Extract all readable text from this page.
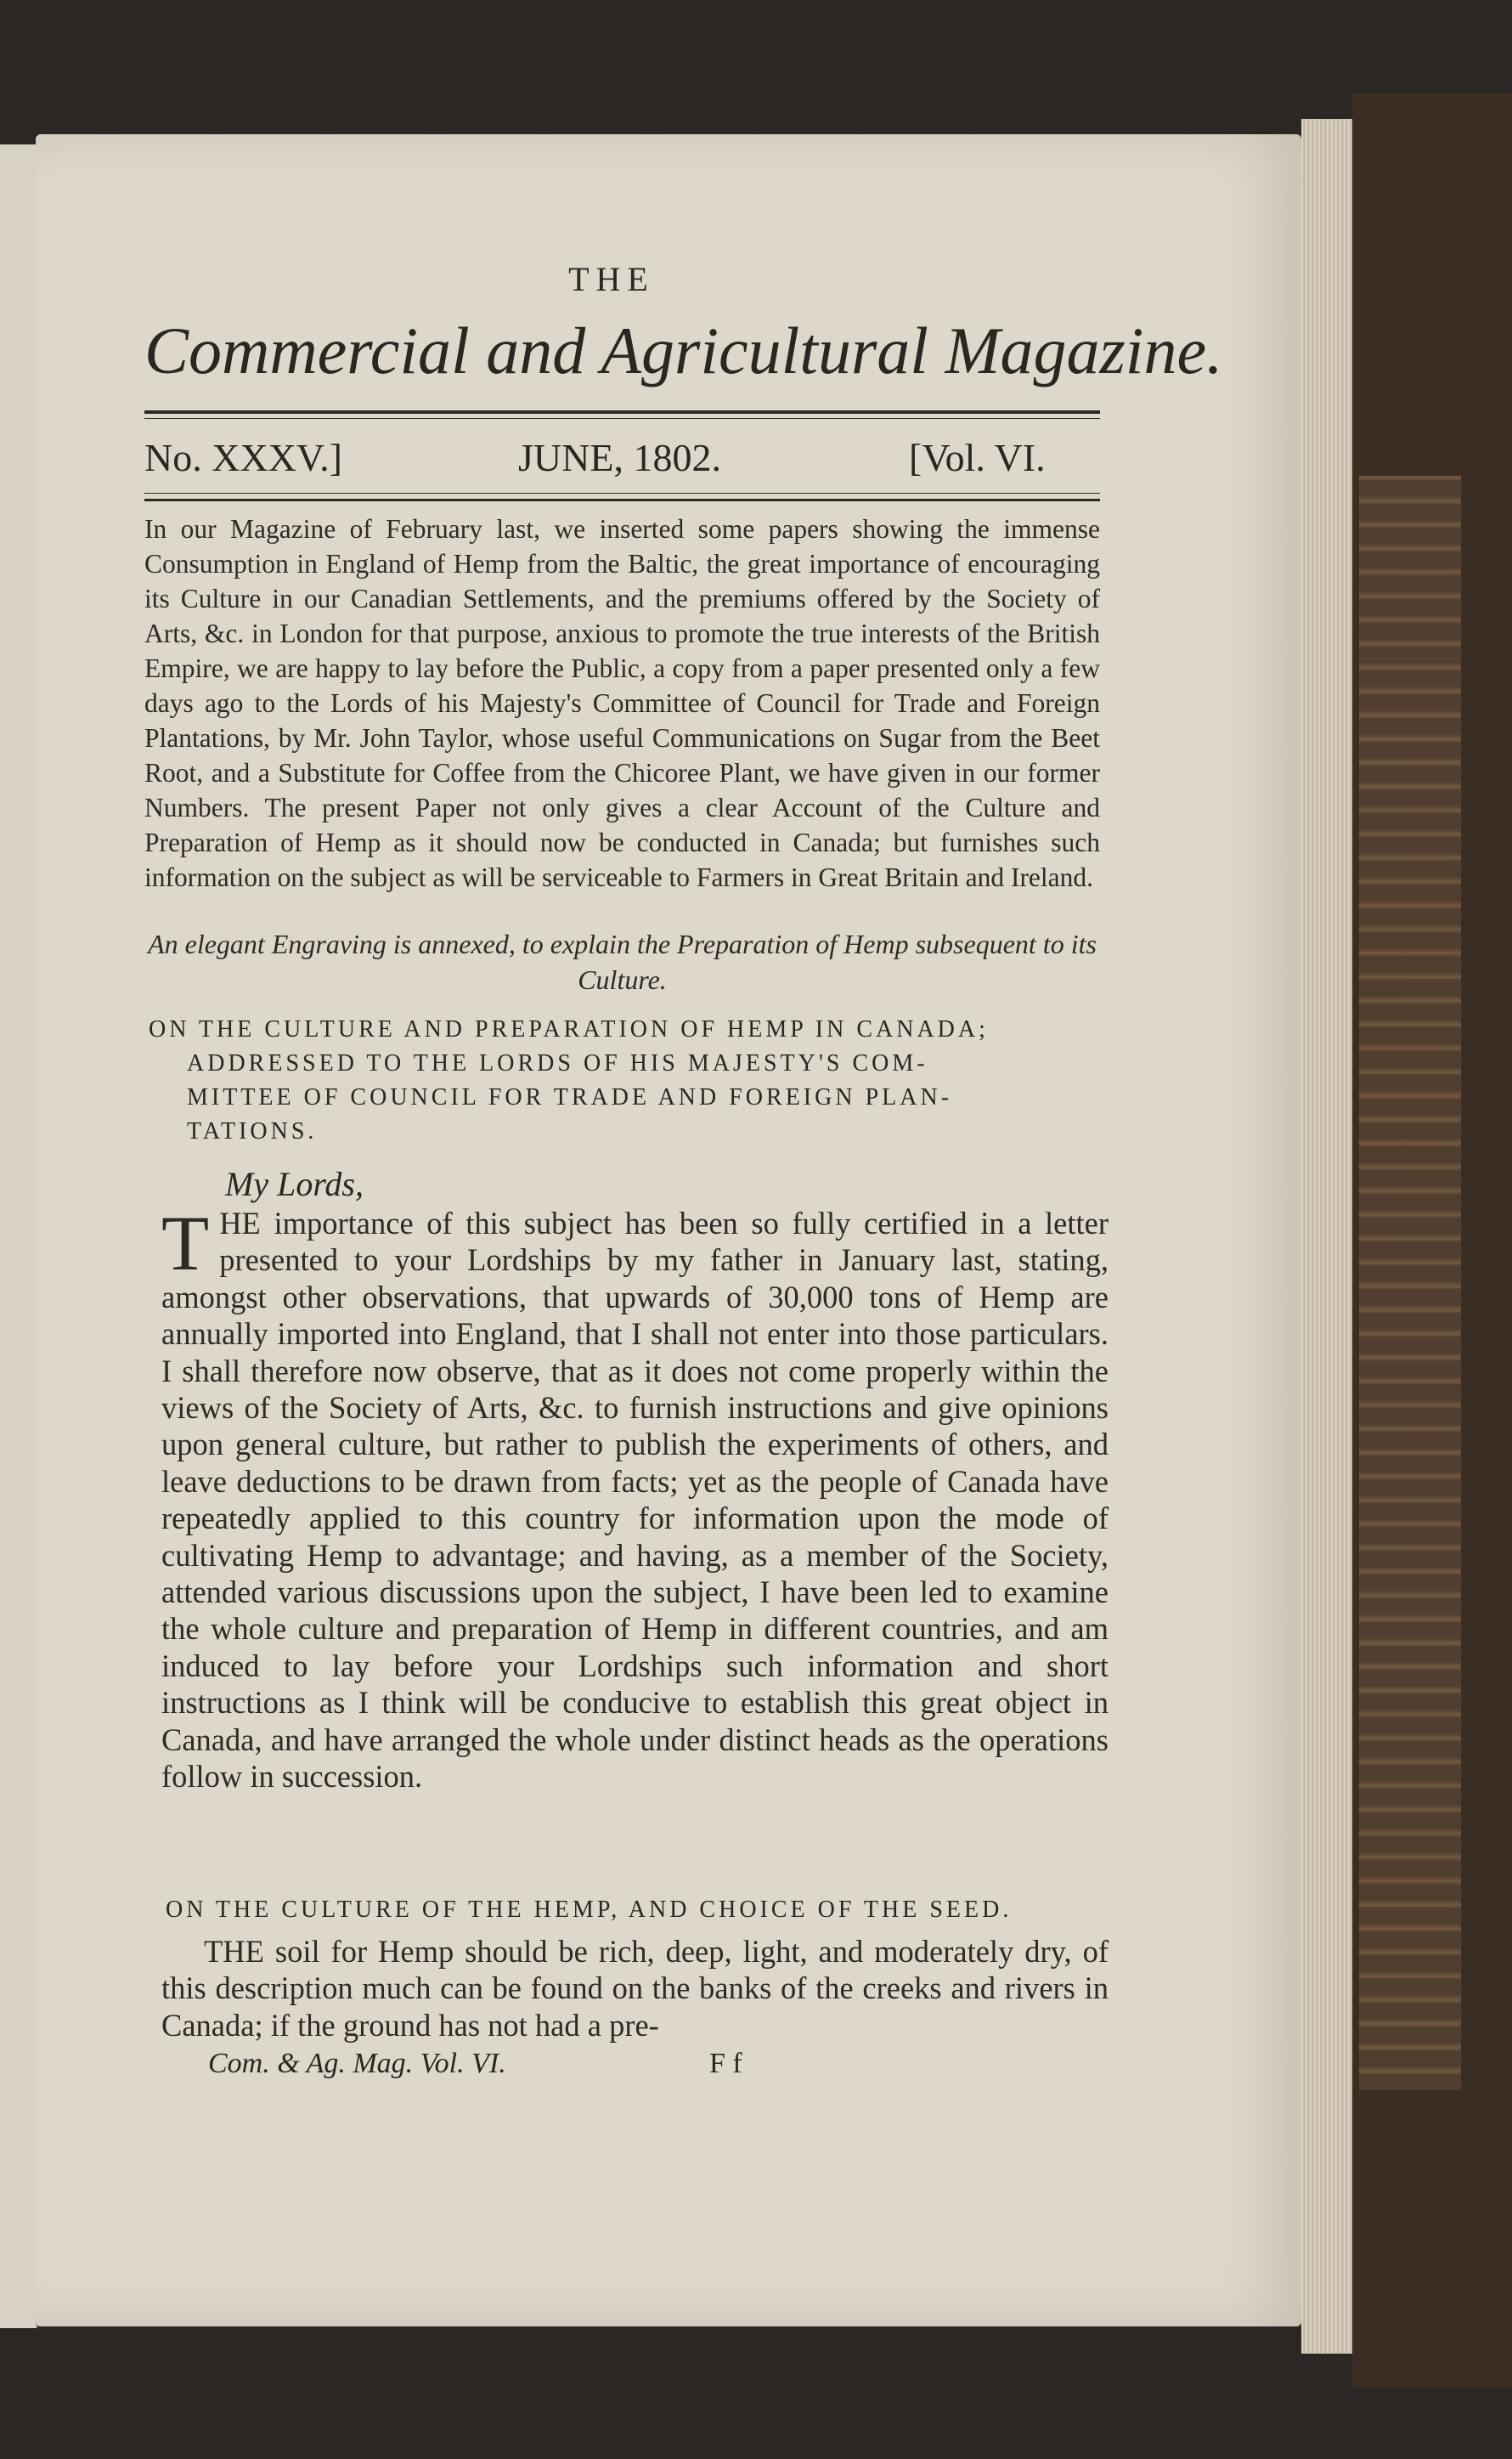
THE
Commercial and Agricultural Magazine.
No. XXXV.]	JUNE, 1802.	[Vol. VI.

In our Magazine of February last, we inserted some papers showing the immense Consumption in England of Hemp from the Baltic, the great importance of encouraging its Culture in our Canadian Settlements, and the premiums offered by the Society of Arts, &c. in London for that purpose, anxious to promote the true interests of the British Empire, we are happy to lay before the Public, a copy from a paper presented only a few days ago to the Lords of his Majesty's Committee of Council for Trade and Foreign Plantations, by Mr. John Taylor, whose useful Communications on Sugar from the Beet Root, and a Substitute for Coffee from the Chicoree Plant, we have given in our former Numbers. The present Paper not only gives a clear Account of the Culture and Preparation of Hemp as it should now be conducted in Canada; but furnishes such information on the subject as will be serviceable to Farmers in Great Britain and Ireland.

An elegant Engraving is annexed, to explain the Preparation of Hemp subsequent to its Culture.
ON THE CULTURE AND PREPARATION OF HEMP IN CANADA;
ADDRESSED TO THE LORDS OF HIS MAJESTY'S COM-
MITTEE OF COUNCIL FOR TRADE AND FOREIGN PLAN-
TATIONS.
My Lords,
THE importance of this subject has been so fully certified in a letter presented to your Lordships by my father in January last, stating, amongst other observations, that upwards of 30,000 tons of Hemp are annually imported into England, that I shall not enter into those particulars. I shall therefore now observe, that as it does not come properly within the views of the Society of Arts, &c. to furnish instructions and give opinions upon general culture, but rather to publish the experiments of others, and leave deductions to be drawn from facts; yet as the people of Canada have repeatedly applied to this country for information upon the mode of cultivating Hemp to advantage; and having, as a member of the Society, attended various discussions upon the subject, I have been led to examine the whole culture and preparation of Hemp in different countries, and am induced to lay before your Lordships such information and short instructions as I think will be conducive to establish this great object in Canada, and have arranged the whole under distinct heads as the operations follow in succession.
ON THE CULTURE OF THE HEMP, AND CHOICE OF THE SEED.
THE soil for Hemp should be rich, deep, light, and moderately dry, of this description much can be found on the banks of the creeks and rivers in Canada; if the ground has not had a pre-
Com. & Ag. Mag. Vol. VI.	F f
